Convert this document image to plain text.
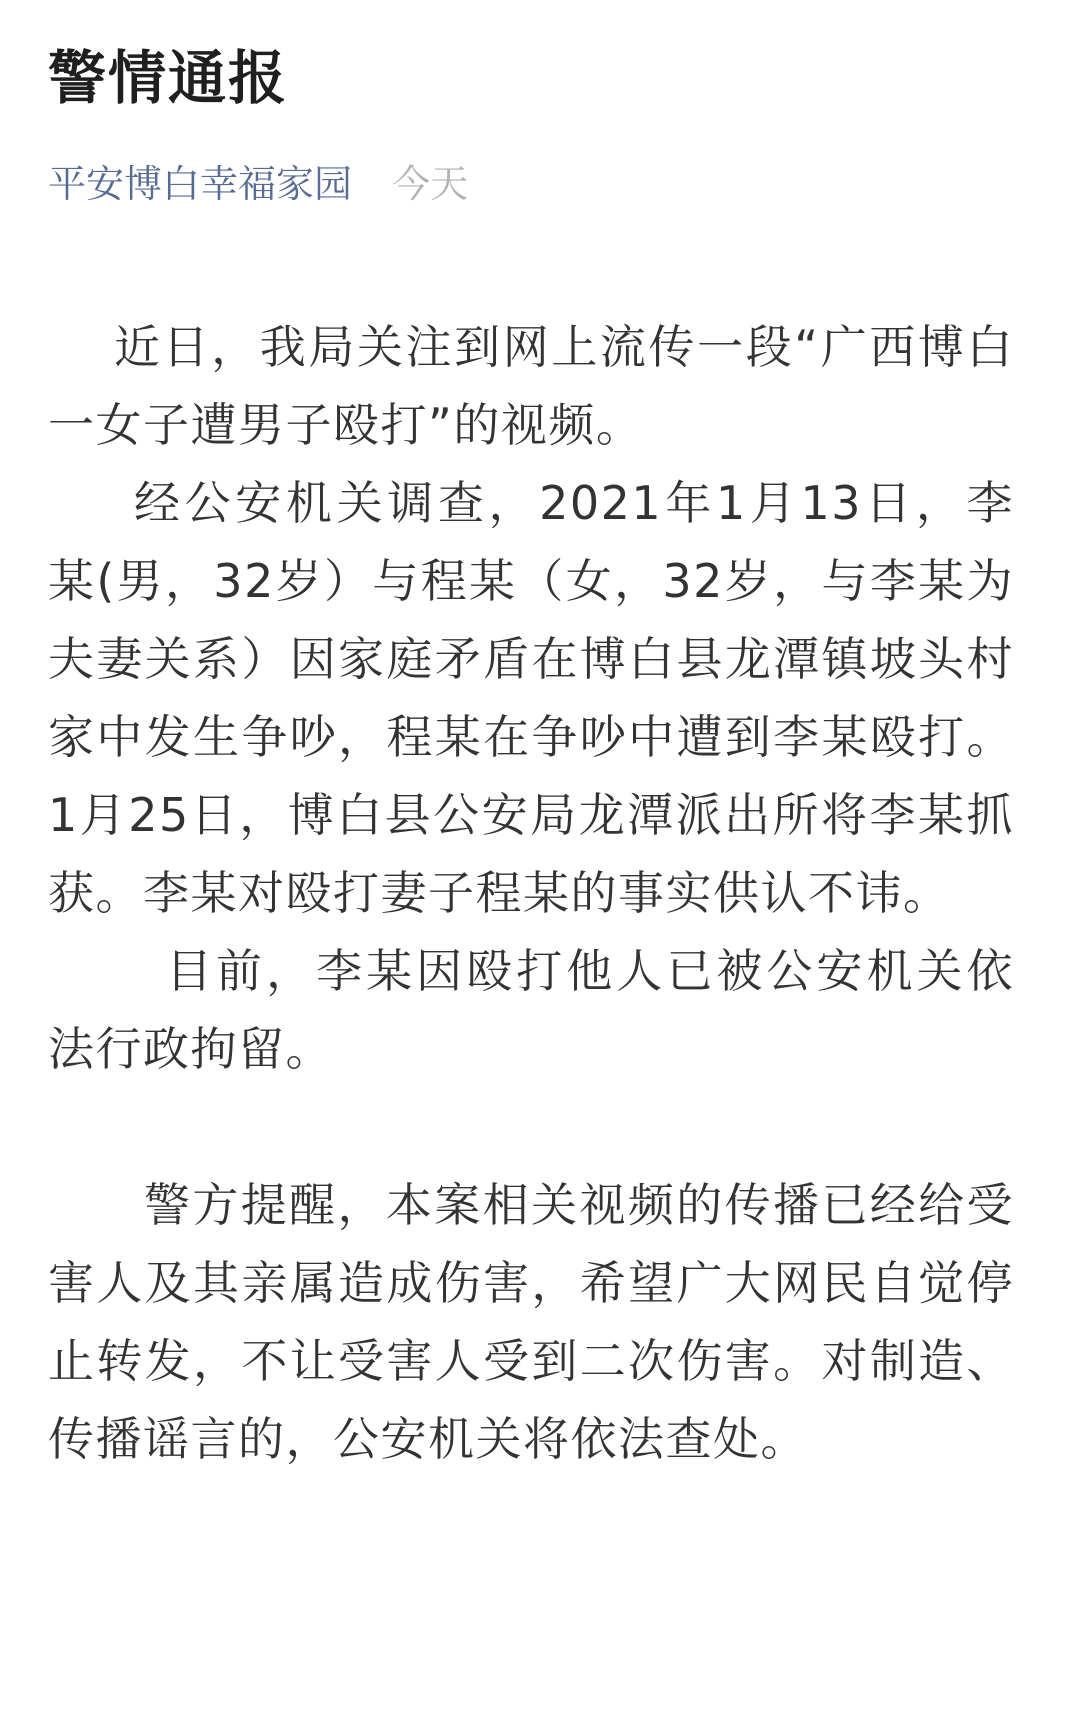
警情通报
平安博白幸福家园 今天

近日，我局关注到网上流传一段“广西博白一女子遭男子殴打”的视频。

经公安机关调查，2021年1月13日，李某(男，32岁）与程某（女，32岁，与李某为夫妻关系）因家庭矛盾在博白县龙潭镇坡头村家中发生争吵，程某在争吵中遭到李某殴打。1月25日，博白县公安局龙潭派出所将李某抓获。李某对殴打妻子程某的事实供认不讳。

目前，李某因殴打他人已被公安机关依法行政拘留。

警方提醒，本案相关视频的传播已经给受害人及其亲属造成伤害，希望广大网民自觉停止转发，不让受害人受到二次伤害。对制造、传播谣言的，公安机关将依法查处。
